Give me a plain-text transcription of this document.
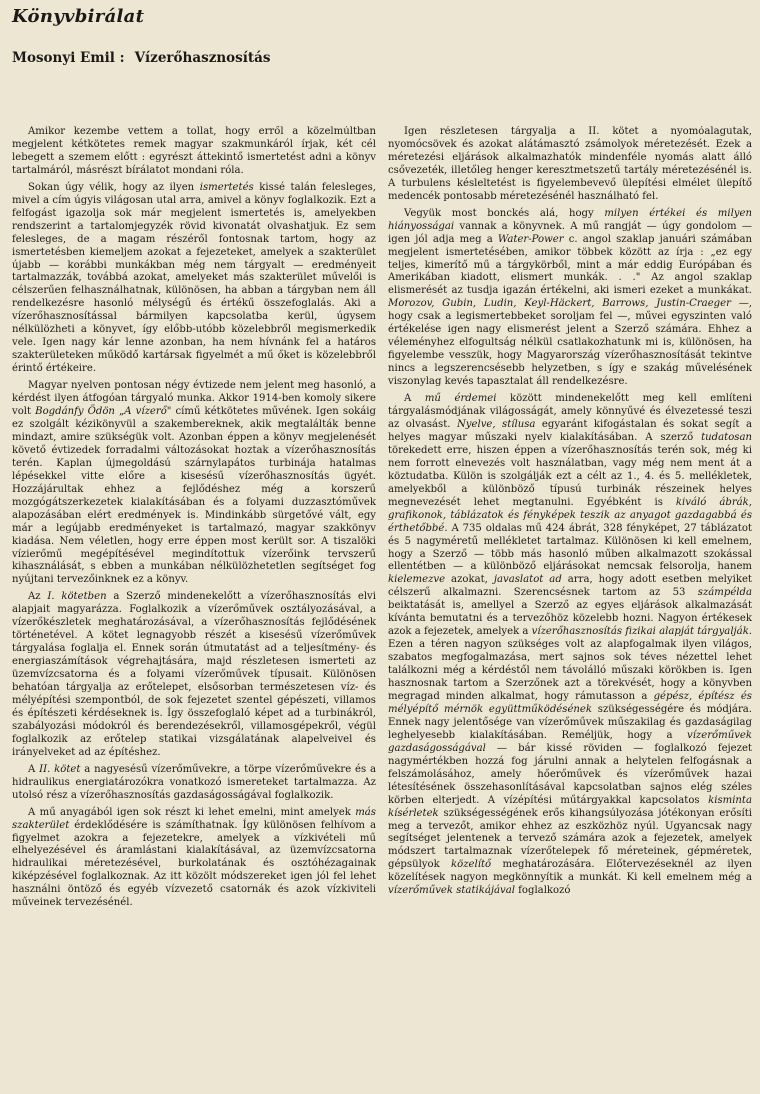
Könyvbirálat
Mosonyi Emil : Vízerőhasznosítás

Amikor kezembe vettem a tollat, hogy erről a közelmúltban megjelent kétkötetes remek magyar szakmunkáról írjak, két cél lebegett a szemem előtt : egyrészt áttekintő ismertetést adni a könyv tartalmáról, másrészt bírálatot mondani róla.

Sokan úgy vélik, hogy az ilyen ismertetés kissé talán felesleges, mivel a cím úgyis világosan utal arra, amivel a könyv foglalkozik. Ezt a felfogást igazolja sok már megjelent ismertetés is, amelyekben rendszerint a tartalomjegyzék rövid kivonatát olvashatjuk. Ez sem felesleges, de a magam részéről fontosnak tartom, hogy az ismertetésben kiemeljem azokat a fejezeteket, amelyek a szakterület újabb — korábbi munkákban még nem tárgyalt — eredményeit tartalmazzák, továbbá azokat, amelyeket más szakterület művelői is célszerűen felhasználhatnak, különösen, ha abban a tárgyban nem áll rendelkezésre hasonló mélységű és értékű összefoglalás. Aki a vízerőhasznosítással bármilyen kapcsolatba kerül, úgysem nélkülözheti a könyvet, így előbb-utóbb közelebbről megismerkedik vele. Igen nagy kár lenne azonban, ha nem hívnánk fel a határos szakterületeken működő kartársak figyelmét a mű őket is közelebbről érintő értékeire.

Magyar nyelven pontosan négy évtizede nem jelent meg hasonló, a kérdést ilyen átfogóan tárgyaló munka. Akkor 1914-ben komoly sikere volt Bogdánfy Ödön „A vízerő" című kétkötetes művének. Igen sokáig ez szolgált kézikönyvül a szakembereknek, akik megtalálták benne mindazt, amire szükségük volt. Azonban éppen a könyv megjelenését követő évtizedek forradalmi változásokat hoztak a vízerőhasznosítás terén. Kaplan újmegoldású szárnylapátos turbinája hatalmas lépésekkel vitte előre a kisesésű vízerőhasznosítás ügyét. Hozzájárultak ehhez a fejlődéshez még a korszerű mozgógátszerkezetek kialakításában és a folyami duzzasztóművek alapozásában elért eredmények is. Mindinkább sürgetővé vált, egy már a legújabb eredményeket is tartalmazó, magyar szakkönyv kiadása. Nem véletlen, hogy erre éppen most került sor. A tiszalöki vízierőmű megépítésével megindítottuk vízerőink tervszerű kihasználását, s ebben a munkában nélkülözhetetlen segítséget fog nyújtani tervezőinknek ez a könyv.

Az I. kötetben a Szerző mindenekelőtt a vízerőhasznosítás elvi alapjait magyarázza. Foglalkozik a vízerőművek osztályozásával, a vízerőkészletek meghatározásával, a vízerőhasznosítás fejlődésének történetével. A kötet legnagyobb részét a kisesésű vízerőművek tárgyalása foglalja el. Ennek során útmutatást ad a teljesítmény- és energiaszámítások végrehajtására, majd részletesen ismerteti az üzemvízcsatorna és a folyami vízerőművek típusait. Különösen behatóan tárgyalja az erőtelepet, elsősorban természetesen víz- és mélyépítési szempontból, de sok fejezetet szentel gépészeti, villamos és építészeti kérdéseknek is. Így összefoglaló képet ad a turbinákról, szabályozási módokról és berendezésekről, villamosgépekről, végül foglalkozik az erőtelep statikai vizsgálatának alapelveivel és irányelveket ad az építéshez.

A II. kötet a nagyesésű vízerőművekre, a törpe vízerőművekre és a hidraulikus energiatározókra vonatkozó ismereteket tartalmazza. Az utolsó rész a vízerőhasznosítás gazdaságosságával foglalkozik.

A mű anyagából igen sok részt ki lehet emelni, mint amelyek más szakterület érdeklődésére is számíthatnak. Így különösen felhívom a figyelmet azokra a fejezetekre, amelyek a vízkivételi mű elhelyezésével és áramlástani kialakításával, az üzemvízcsatorna hidraulikai méretezésével, burkolatának és osztóhézagainak kiképzésével foglalkoznak. Az itt közölt módszereket igen jól fel lehet használni öntöző és egyéb vízvezető csatornák és azok vízkiviteli műveinek tervezésénél.

Igen részletesen tárgyalja a II. kötet a nyomóalagutak, nyomócsövek és azokat alátámasztó zsámolyok méretezését. Ezek a méretezési eljárások alkalmazhatók mindenféle nyomás alatt álló csővezeték, illetőleg henger keresztmetszetű tartály méretezésénél is. A turbulens késleltetést is figyelembevevő ülepítési elmélet ülepítő medencék pontosabb méretezésénél használható fel.

Vegyük most bonckés alá, hogy milyen értékei és milyen hiányosságai vannak a könyvnek. A mű rangját — úgy gondolom — igen jól adja meg a Water-Power c. angol szaklap januári számában megjelent ismertetésében, amikor többek között az írja : „ez egy teljes, kimerítő mű a tárgykörből, mint a már eddig Európában és Amerikában kiadott, elismert munkák. . ." Az angol szaklap elismerését az tusdja igazán értékelni, aki ismeri ezeket a munkákat. Morozov, Gubin, Ludin, Keyl-Häckert, Barrows, Justin-Craeger —, hogy csak a legismertebbeket soroljam fel —, művei egyszinten való értékelése igen nagy elismerést jelent a Szerző számára. Ehhez a véleményhez elfogultság nélkül csatlakozhatunk mi is, különösen, ha figyelembe vesszük, hogy Magyarország vízerőhasznosítását tekintve nincs a legszerencsésebb helyzetben, s így e szakág művelésének viszonylag kevés tapasztalat áll rendelkezésre.

A mű érdemei között mindenekelőtt meg kell említeni tárgyalásmódjának világosságát, amely könnyűvé és élvezetessé teszi az olvasást. Nyelve, stílusa egyaránt kifogástalan és sokat segít a helyes magyar műszaki nyelv kialakításában. A szerző tudatosan törekedett erre, hiszen éppen a vízerőhasznosítás terén sok, még ki nem forrott elnevezés volt használatban, vagy még nem ment át a köztudatba. Külön is szolgálják ezt a célt az 1., 4. és 5. mellékletek, amelyekből a különböző típusú turbinák részeinek helyes megnevezését lehet megtanulni. Egyébként is kiváló ábrák, grafikonok, táblázatok és fényképek teszik az anyagot gazdagabbá és érthetőbbé. A 735 oldalas mű 424 ábrát, 328 fényképet, 27 táblázatot és 5 nagyméretű mellékletet tartalmaz. Különösen ki kell emelnem, hogy a Szerző — több más hasonló műben alkalmazott szokással ellentétben — a különböző eljárásokat nemcsak felsorolja, hanem kielemezve azokat, javaslatot ad arra, hogy adott esetben melyiket célszerű alkalmazni. Szerencsésnek tartom az 53 számpélda beiktatását is, amellyel a Szerző az egyes eljárások alkalmazását kívánta bemutatni és a tervezőhöz közelebb hozni. Nagyon értékesek azok a fejezetek, amelyek a vízerőhasznosítás fizikai alapját tárgyalják. Ezen a téren nagyon szükséges volt az alapfogalmak ilyen világos, szabatos megfogalmazása, mert sajnos sok téves nézettel lehet találkozni még a kérdéstől nem távolálló műszaki körökben is. Igen hasznosnak tartom a Szerzőnek azt a törekvését, hogy a könyvben megragad minden alkalmat, hogy rámutasson a gépész, építész és mélyépítő mérnök együttműködésének szükségességére és módjára. Ennek nagy jelentősége van vízerőművek műszakilag és gazdaságilag leghelyesebb kialakításában. Reméljük, hogy a vízerőművek gazdaságosságával — bár kissé röviden — foglalkozó fejezet nagymértékben hozzá fog járulni annak a helytelen felfogásnak a felszámolásához, amely hőerőművek és vízerőművek hazai létesítésének összehasonlításával kapcsolatban sajnos elég széles körben elterjedt. A vízépítési műtárgyakkal kapcsolatos kisminta kísérletek szükségességének erős kihangsúlyozása jótékonyan erősíti meg a tervezőt, amikor ehhez az eszközhöz nyúl. Ugyancsak nagy segítséget jelentenek a tervező számára azok a fejezetek, amelyek módszert tartalmaznak vízerőtelepek fő méreteinek, gépméretek, gépsülyok közelítő meghatározására. Előtervezéseknél az ilyen közelítések nagyon megkönnyítik a munkát. Ki kell emelnem még a vízerőművek statikájával foglalkozó
